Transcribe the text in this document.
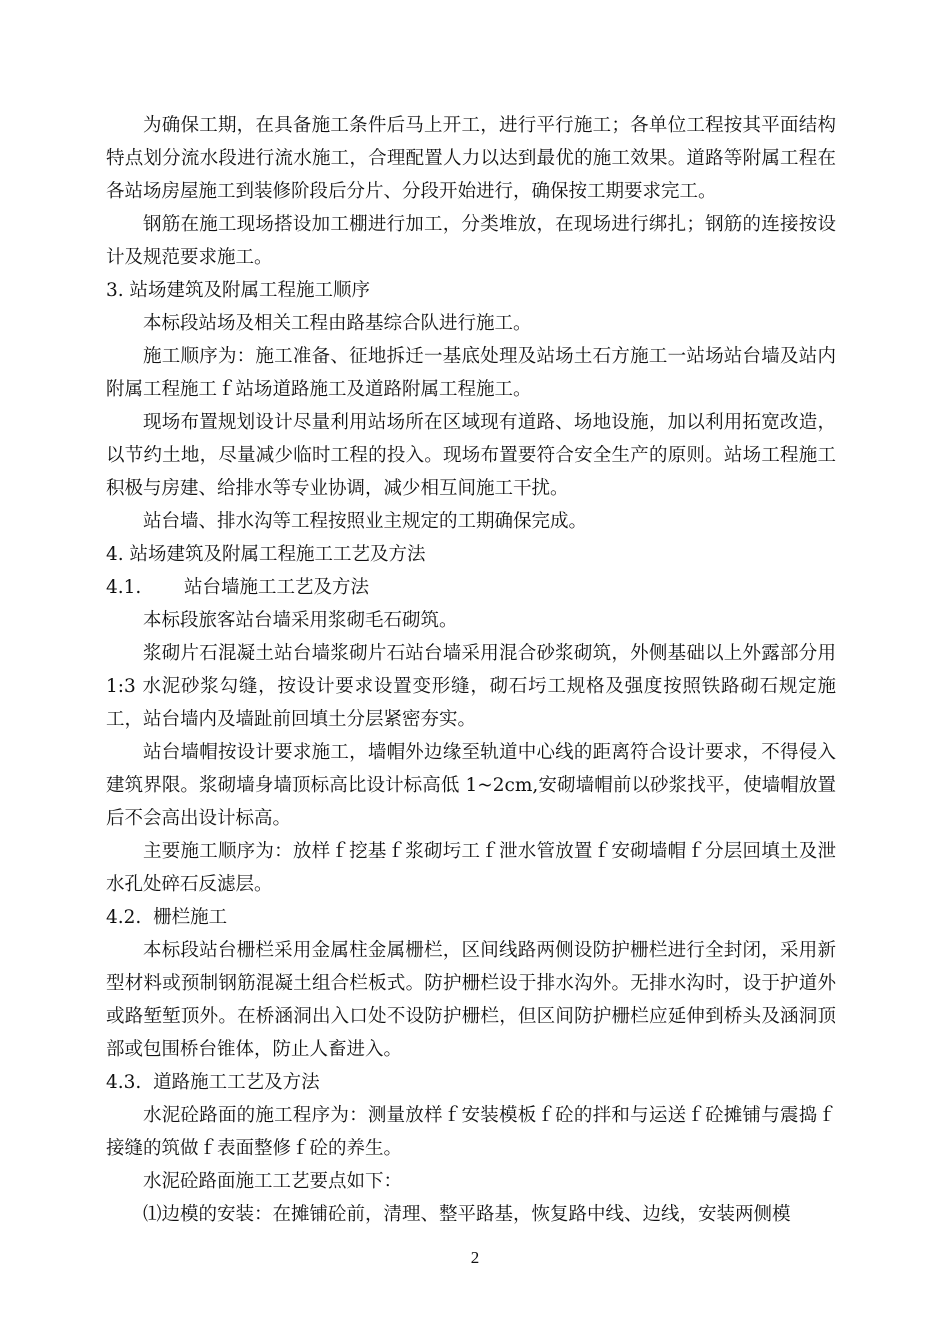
为确保工期，在具备施工条件后马上开工，进行平行施工；各单位工程按其平面结构特点划分流水段进行流水施工，合理配置人力以达到最优的施工效果。道路等附属工程在各站场房屋施工到装修阶段后分片、分段开始进行，确保按工期要求完工。

钢筋在施工现场搭设加工棚进行加工，分类堆放，在现场进行绑扎；钢筋的连接按设计及规范要求施工。

3. 站场建筑及附属工程施工顺序

本标段站场及相关工程由路基综合队进行施工。

施工顺序为：施工准备、征地拆迁一基底处理及站场土石方施工一站场站台墙及站内附属工程施工ｆ站场道路施工及道路附属工程施工。

现场布置规划设计尽量利用站场所在区域现有道路、场地设施，加以利用拓宽改造，以节约土地，尽量减少临时工程的投入。现场布置要符合安全生产的原则。站场工程施工积极与房建、给排水等专业协调，减少相互间施工干扰。

站台墙、排水沟等工程按照业主规定的工期确保完成。

4. 站场建筑及附属工程施工工艺及方法

4.1. 站台墙施工工艺及方法

本标段旅客站台墙采用浆砌毛石砌筑。

浆砌片石混凝土站台墙浆砌片石站台墙采用混合砂浆砌筑，外侧基础以上外露部分用 1:3 水泥砂浆勾缝，按设计要求设置变形缝，砌石圬工规格及强度按照铁路砌石规定施工，站台墙内及墙趾前回填土分层紧密夯实。

站台墙帽按设计要求施工，墙帽外边缘至轨道中心线的距离符合设计要求，不得侵入建筑界限。浆砌墙身墙顶标高比设计标高低 1~2cm,安砌墙帽前以砂浆找平，使墙帽放置后不会高出设计标高。

主要施工顺序为：放样ｆ挖基ｆ浆砌圬工ｆ泄水管放置ｆ安砌墙帽ｆ分层回填土及泄水孔处碎石反滤层。

4.2. 栅栏施工

本标段站台栅栏采用金属柱金属栅栏，区间线路两侧设防护栅栏进行全封闭，采用新型材料或预制钢筋混凝土组合栏板式。防护栅栏设于排水沟外。无排水沟时，设于护道外或路堑堑顶外。在桥涵洞出入口处不设防护栅栏，但区间防护栅栏应延伸到桥头及涵洞顶部或包围桥台锥体，防止人畜进入。

4.3. 道路施工工艺及方法

水泥砼路面的施工程序为：测量放样ｆ安装模板ｆ砼的拌和与运送ｆ砼摊铺与震捣ｆ接缝的筑做ｆ表面整修ｆ砼的养生。

水泥砼路面施工工艺要点如下：

⑴边模的安装：在摊铺砼前，清理、整平路基，恢复路中线、边线，安装两侧模

2
